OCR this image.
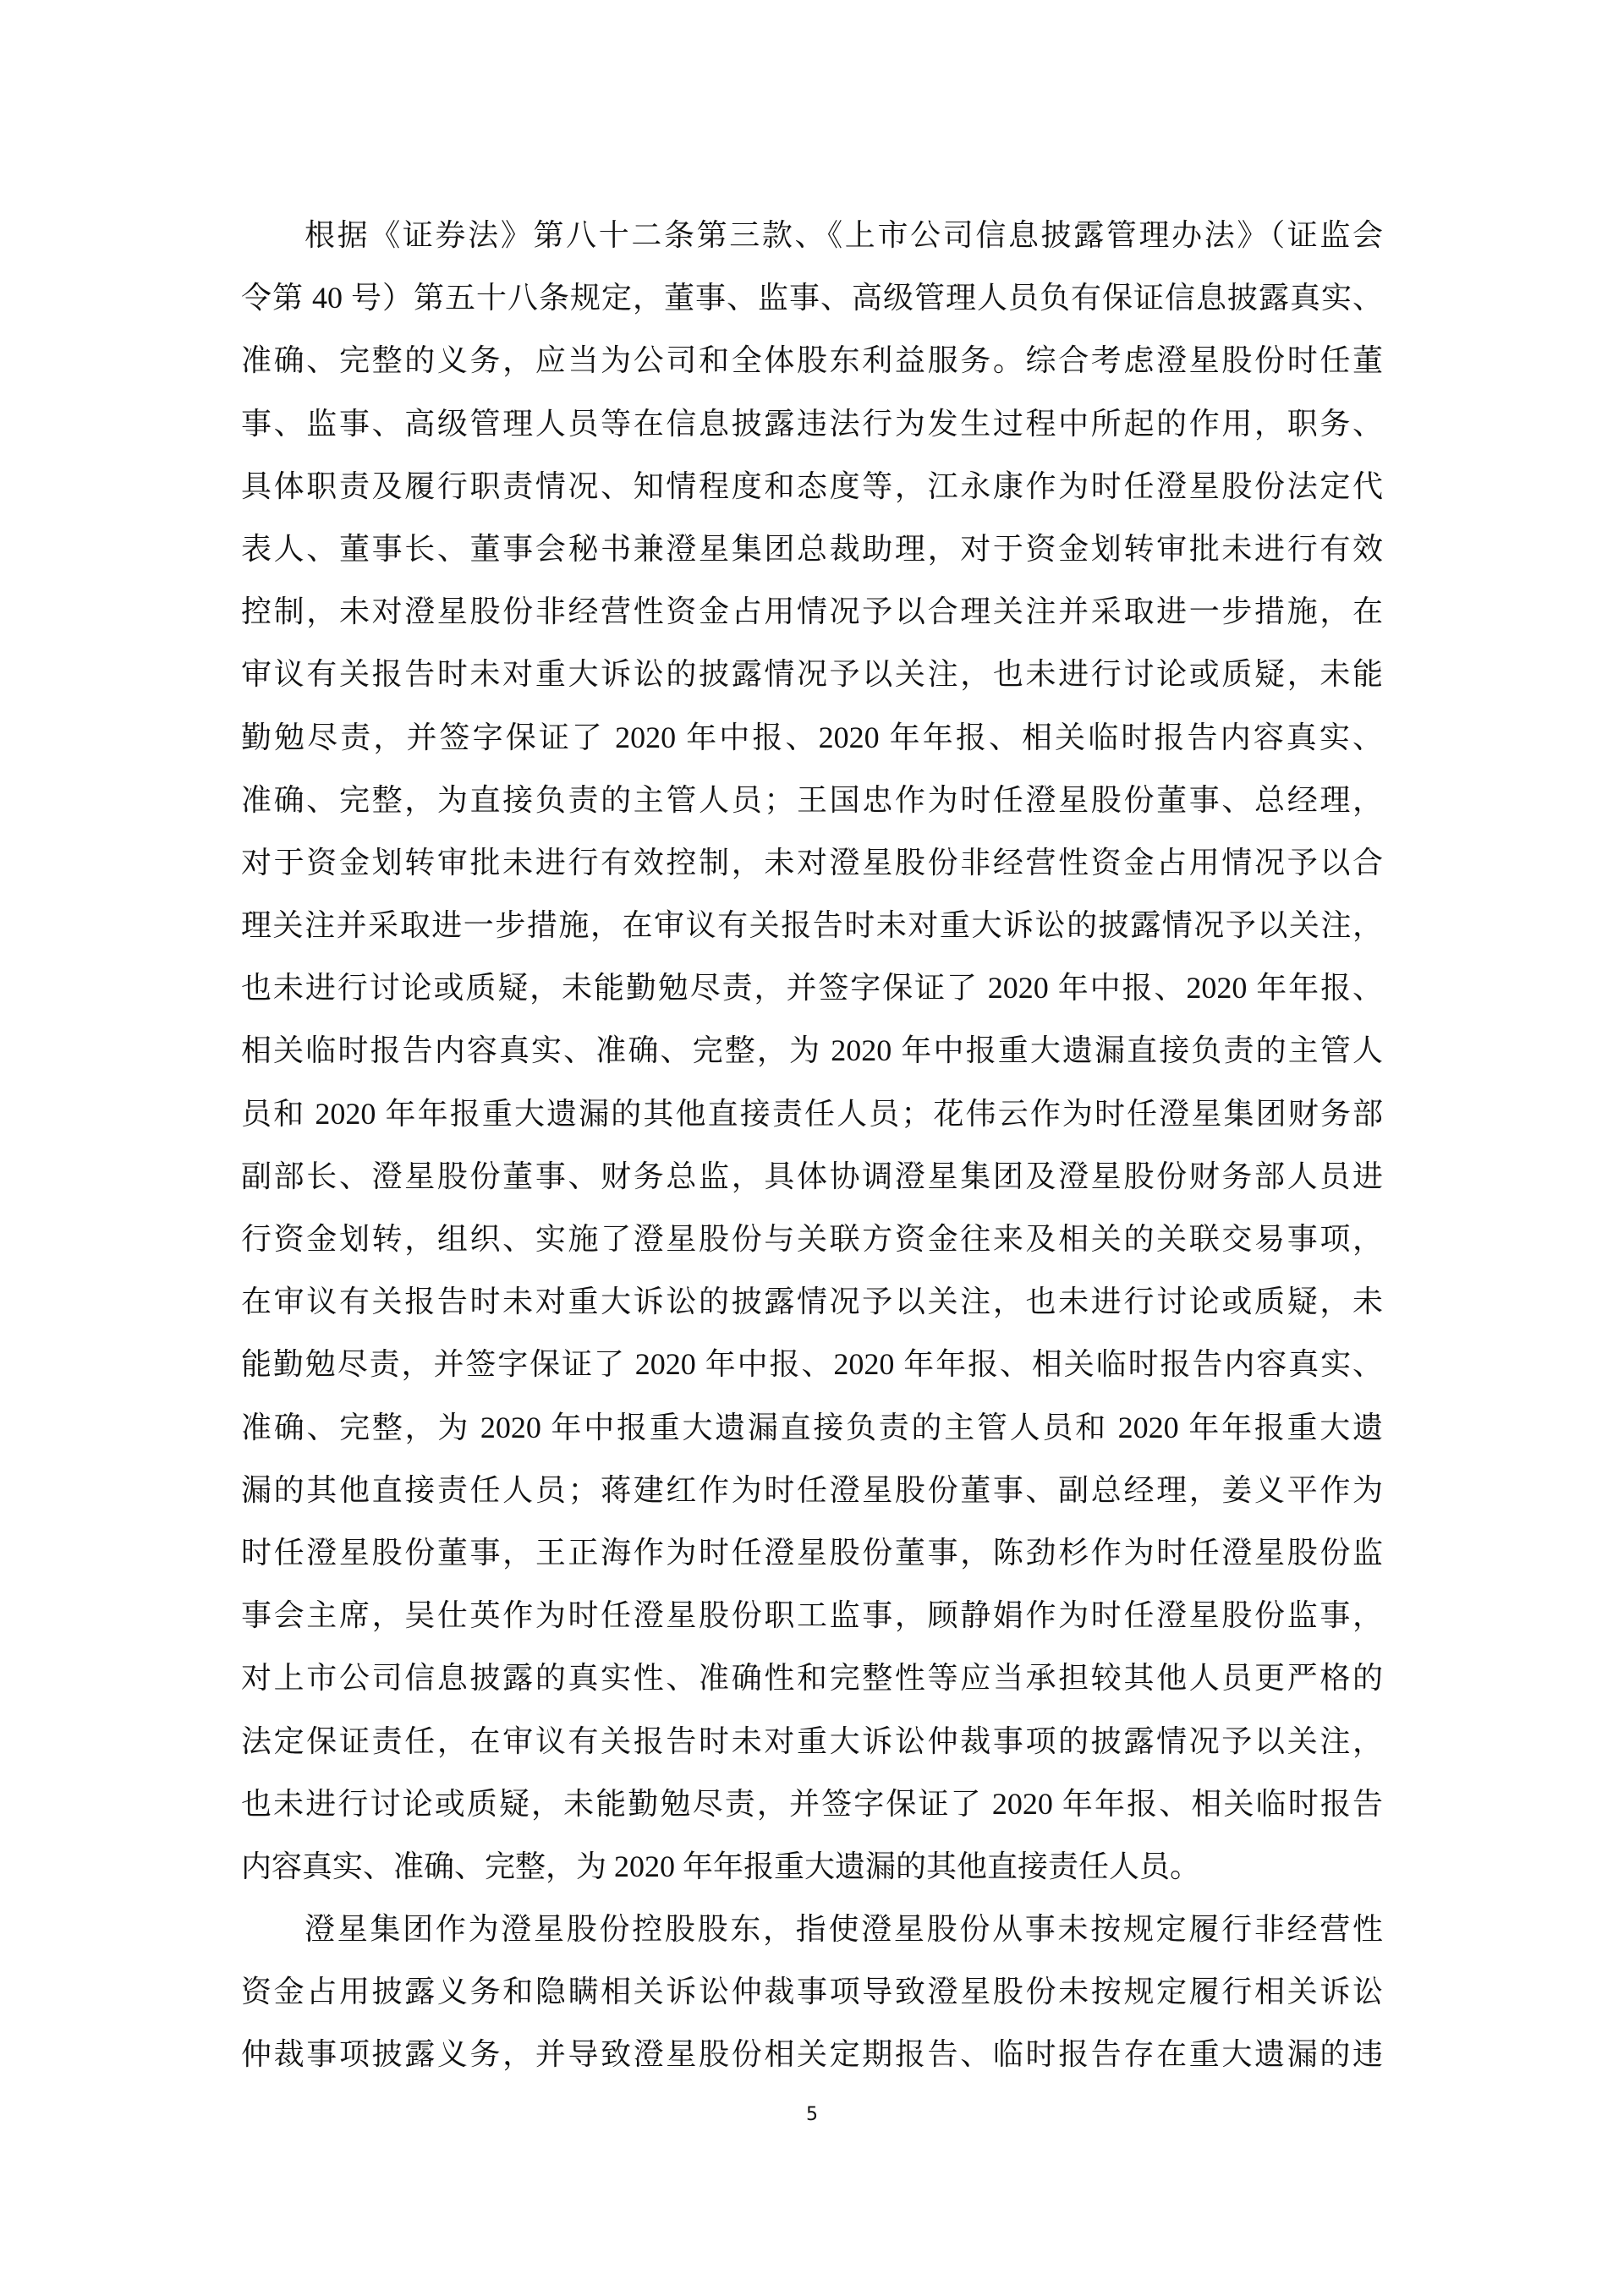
根据《证券法》第八十二条第三款、《上市公司信息披露管理办法》（证监会
令第 40 号）第五十八条规定，董事、监事、高级管理人员负有保证信息披露真实、
准确、完整的义务，应当为公司和全体股东利益服务。综合考虑澄星股份时任董
事、监事、高级管理人员等在信息披露违法行为发生过程中所起的作用，职务、
具体职责及履行职责情况、知情程度和态度等，江永康作为时任澄星股份法定代
表人、董事长、董事会秘书兼澄星集团总裁助理，对于资金划转审批未进行有效
控制，未对澄星股份非经营性资金占用情况予以合理关注并采取进一步措施，在
审议有关报告时未对重大诉讼的披露情况予以关注，也未进行讨论或质疑，未能
勤勉尽责，并签字保证了 2020 年中报、2020 年年报、相关临时报告内容真实、
准确、完整，为直接负责的主管人员；王国忠作为时任澄星股份董事、总经理，
对于资金划转审批未进行有效控制，未对澄星股份非经营性资金占用情况予以合
理关注并采取进一步措施，在审议有关报告时未对重大诉讼的披露情况予以关注，
也未进行讨论或质疑，未能勤勉尽责，并签字保证了 2020 年中报、2020 年年报、
相关临时报告内容真实、准确、完整，为 2020 年中报重大遗漏直接负责的主管人
员和 2020 年年报重大遗漏的其他直接责任人员；花伟云作为时任澄星集团财务部
副部长、澄星股份董事、财务总监，具体协调澄星集团及澄星股份财务部人员进
行资金划转，组织、实施了澄星股份与关联方资金往来及相关的关联交易事项，
在审议有关报告时未对重大诉讼的披露情况予以关注，也未进行讨论或质疑，未
能勤勉尽责，并签字保证了 2020 年中报、2020 年年报、相关临时报告内容真实、
准确、完整，为 2020 年中报重大遗漏直接负责的主管人员和 2020 年年报重大遗
漏的其他直接责任人员；蒋建红作为时任澄星股份董事、副总经理，姜义平作为
时任澄星股份董事，王正海作为时任澄星股份董事，陈劲杉作为时任澄星股份监
事会主席，吴仕英作为时任澄星股份职工监事，顾静娟作为时任澄星股份监事，
对上市公司信息披露的真实性、准确性和完整性等应当承担较其他人员更严格的
法定保证责任，在审议有关报告时未对重大诉讼仲裁事项的披露情况予以关注，
也未进行讨论或质疑，未能勤勉尽责，并签字保证了 2020 年年报、相关临时报告
内容真实、准确、完整，为 2020 年年报重大遗漏的其他直接责任人员。
澄星集团作为澄星股份控股股东，指使澄星股份从事未按规定履行非经营性
资金占用披露义务和隐瞒相关诉讼仲裁事项导致澄星股份未按规定履行相关诉讼
仲裁事项披露义务，并导致澄星股份相关定期报告、临时报告存在重大遗漏的违
5
